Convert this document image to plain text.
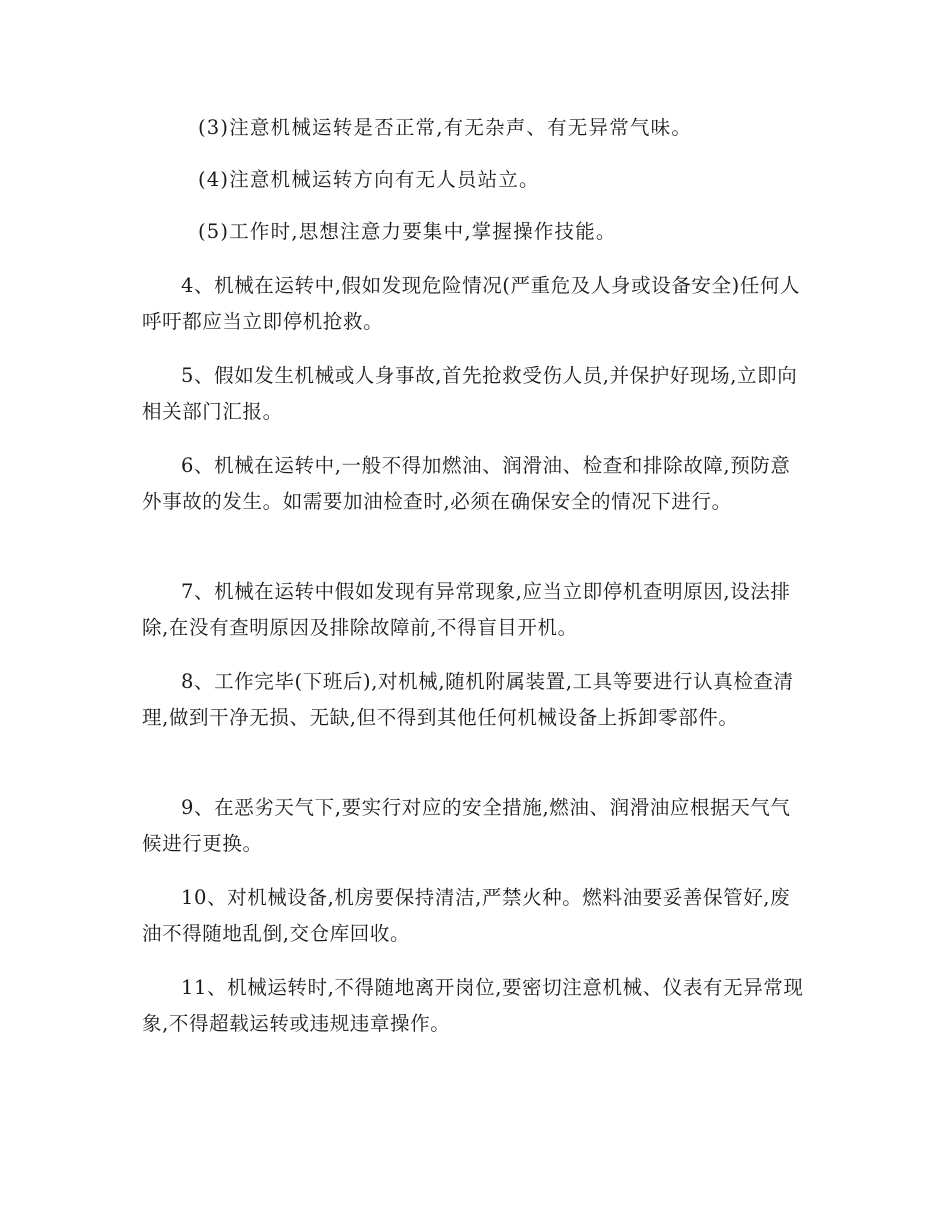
(3)注意机械运转是否正常,有无杂声、有无异常气味。

(4)注意机械运转方向有无人员站立。

(5)工作时,思想注意力要集中,掌握操作技能。

4、机械在运转中,假如发现危险情况(严重危及人身或设备安全)任何人呼吁都应当立即停机抢救。

5、假如发生机械或人身事故,首先抢救受伤人员,并保护好现场,立即向相关部门汇报。

6、机械在运转中,一般不得加燃油、润滑油、检查和排除故障,预防意外事故的发生。如需要加油检查时,必须在确保安全的情况下进行。

7、机械在运转中假如发现有异常现象,应当立即停机查明原因,设法排除,在没有查明原因及排除故障前,不得盲目开机。

8、工作完毕(下班后),对机械,随机附属装置,工具等要进行认真检查清理,做到干净无损、无缺,但不得到其他任何机械设备上拆卸零部件。

9、在恶劣天气下,要实行对应的安全措施,燃油、润滑油应根据天气气候进行更换。

10、对机械设备,机房要保持清洁,严禁火种。燃料油要妥善保管好,废油不得随地乱倒,交仓库回收。

11、机械运转时,不得随地离开岗位,要密切注意机械、仪表有无异常现象,不得超载运转或违规违章操作。
